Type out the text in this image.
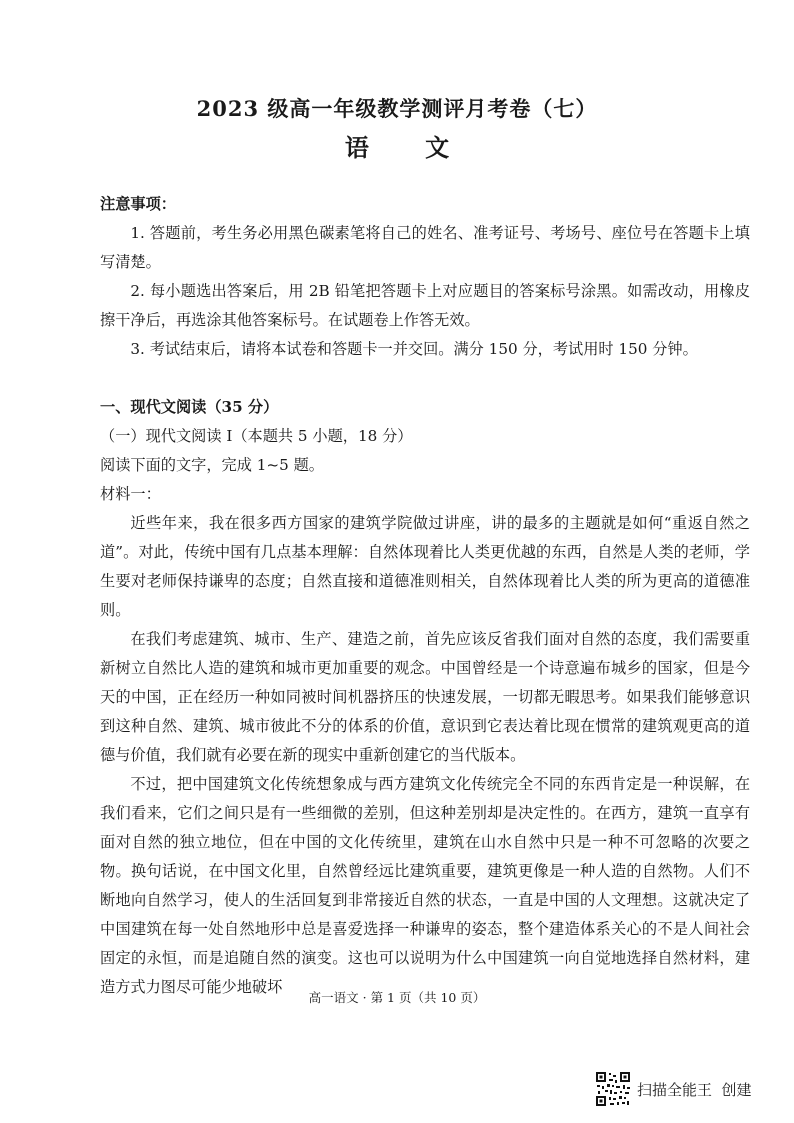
2023 级高一年级教学测评月考卷（七）
语 文

注意事项：

1. 答题前，考生务必用黑色碳素笔将自己的姓名、准考证号、考场号、座位号在答题卡上填写清楚。

2. 每小题选出答案后，用 2B 铅笔把答题卡上对应题目的答案标号涂黑。如需改动，用橡皮擦干净后，再选涂其他答案标号。在试题卷上作答无效。

3. 考试结束后，请将本试卷和答题卡一并交回。满分 150 分，考试用时 150 分钟。

一、现代文阅读（35 分）

（一）现代文阅读 I（本题共 5 小题，18 分）

阅读下面的文字，完成 1~5 题。

材料一：

近些年来，我在很多西方国家的建筑学院做过讲座，讲的最多的主题就是如何“重返自然之道”。对此，传统中国有几点基本理解：自然体现着比人类更优越的东西，自然是人类的老师，学生要对老师保持谦卑的态度；自然直接和道德准则相关，自然体现着比人类的所为更高的道德准则。

在我们考虑建筑、城市、生产、建造之前，首先应该反省我们面对自然的态度，我们需要重新树立自然比人造的建筑和城市更加重要的观念。中国曾经是一个诗意遍布城乡的国家，但是今天的中国，正在经历一种如同被时间机器挤压的快速发展，一切都无暇思考。如果我们能够意识到这种自然、建筑、城市彼此不分的体系的价值，意识到它表达着比现在惯常的建筑观更高的道德与价值，我们就有必要在新的现实中重新创建它的当代版本。

不过，把中国建筑文化传统想象成与西方建筑文化传统完全不同的东西肯定是一种误解，在我们看来，它们之间只是有一些细微的差别，但这种差别却是决定性的。在西方，建筑一直享有面对自然的独立地位，但在中国的文化传统里，建筑在山水自然中只是一种不可忽略的次要之物。换句话说，在中国文化里，自然曾经远比建筑重要，建筑更像是一种人造的自然物。人们不断地向自然学习，使人的生活回复到非常接近自然的状态，一直是中国的人文理想。这就决定了中国建筑在每一处自然地形中总是喜爱选择一种谦卑的姿态，整个建造体系关心的不是人间社会固定的永恒，而是追随自然的演变。这也可以说明为什么中国建筑一向自觉地选择自然材料，建造方式力图尽可能少地破坏

高一语文 · 第 1 页（共 10 页）
扫描全能王  创建
